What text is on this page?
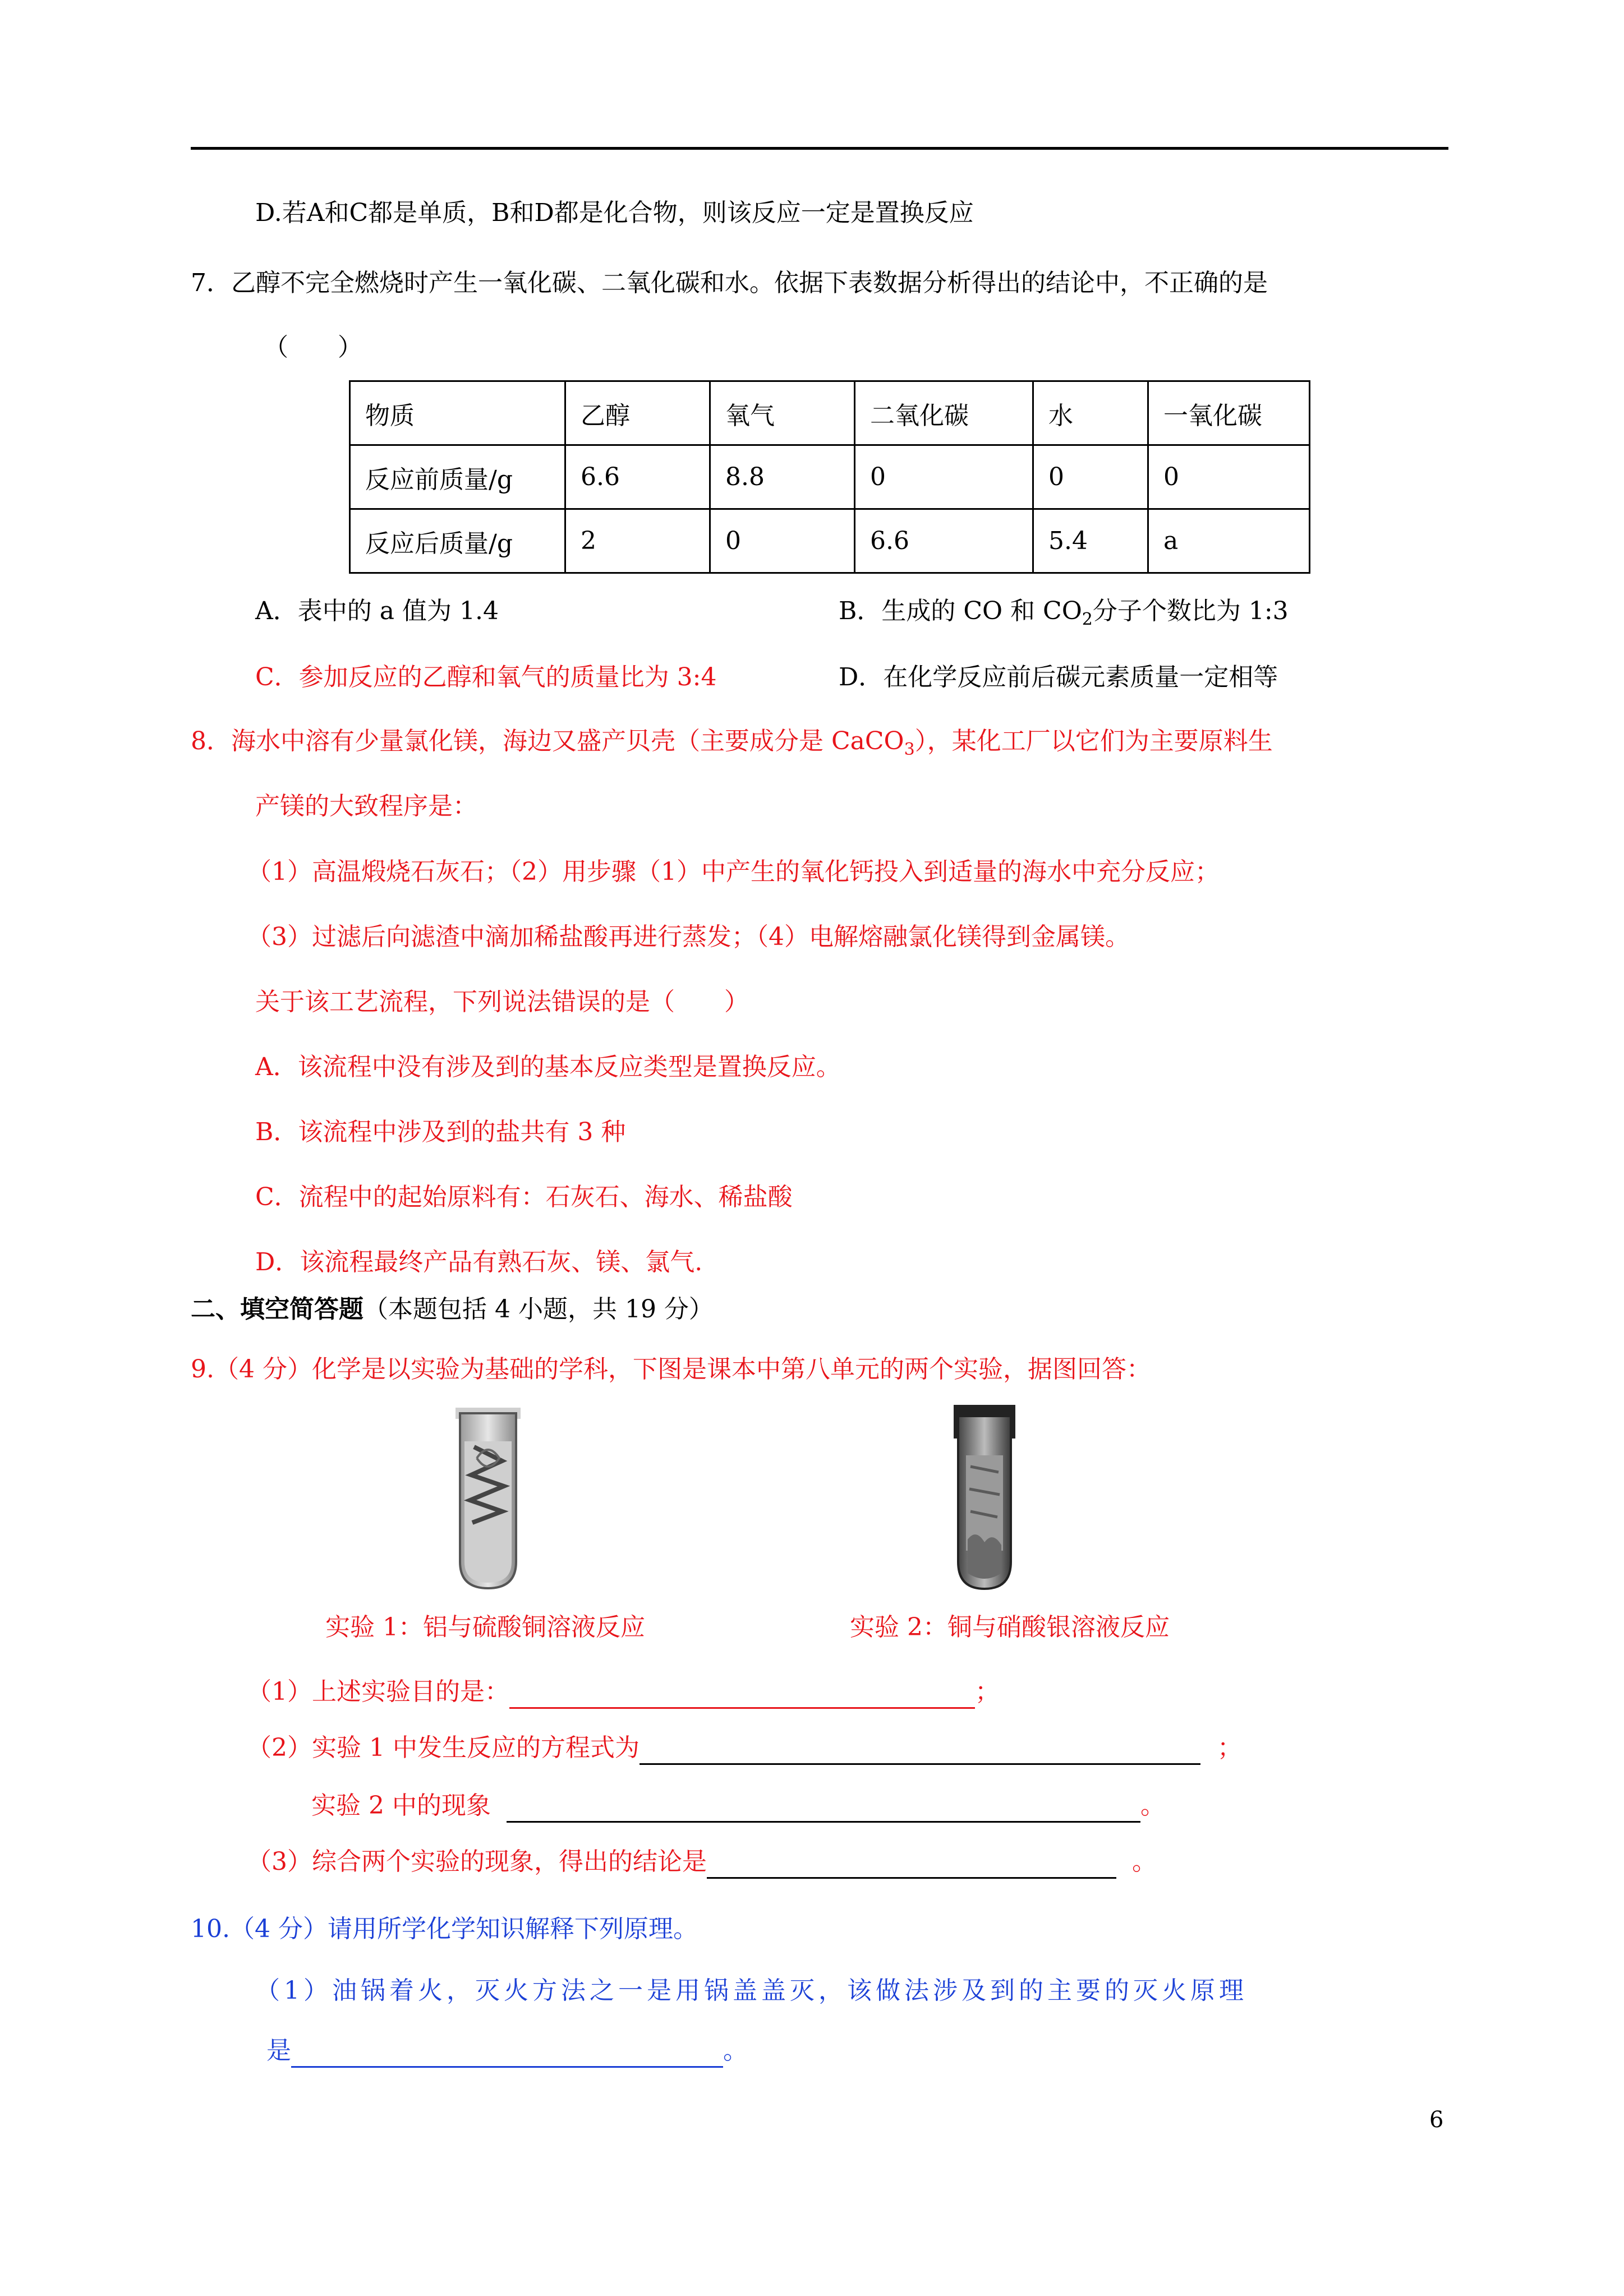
D.若A和C都是单质，B和D都是化合物，则该反应一定是置换反应
7．乙醇不完全燃烧时产生一氧化碳、二氧化碳和水。依据下表数据分析得出的结论中，不正确的是
（　　）
物质	乙醇	氧气	二氧化碳	水	一氧化碳
反应前质量/g	6.6	8.8	0	0	0
反应后质量/g	2	0	6.6	5.4	a
A．表中的 a 值为 1.4	B．生成的 CO 和 $CO_2$分子个数比为 1:3
C．参加反应的乙醇和氧气的质量比为 3:4	D．在化学反应前后碳元素质量一定相等
8．海水中溶有少量氯化镁，海边又盛产贝壳（主要成分是 CaCO$_3$），某化工厂以它们为主要原料生
产镁的大致程序是：
（1）高温煅烧石灰石；（2）用步骤（1）中产生的氧化钙投入到适量的海水中充分反应；
（3）过滤后向滤渣中滴加稀盐酸再进行蒸发；（4）电解熔融氯化镁得到金属镁。
关于该工艺流程，下列说法错误的是（　　）
A．该流程中没有涉及到的基本反应类型是置换反应。
B．该流程中涉及到的盐共有 3 种
C．流程中的起始原料有：石灰石、海水、稀盐酸
D．该流程最终产品有熟石灰、镁、氯气.
二、填空简答题（本题包括 4 小题，共 19 分）
9.（4 分）化学是以实验为基础的学科，下图是课本中第八单元的两个实验，据图回答：
实验 1：铝与硫酸铜溶液反应	实验 2：铜与硝酸银溶液反应
（1）上述实验目的是：	；
（2）实验 1 中发生反应的方程式为	；
实验 2 中的现象	。
（3）综合两个实验的现象，得出的结论是	。
10.（4 分）请用所学化学知识解释下列原理。
（1）油锅着火，灭火方法之一是用锅盖盖灭，该做法涉及到的主要的灭火原理
是	。
6
